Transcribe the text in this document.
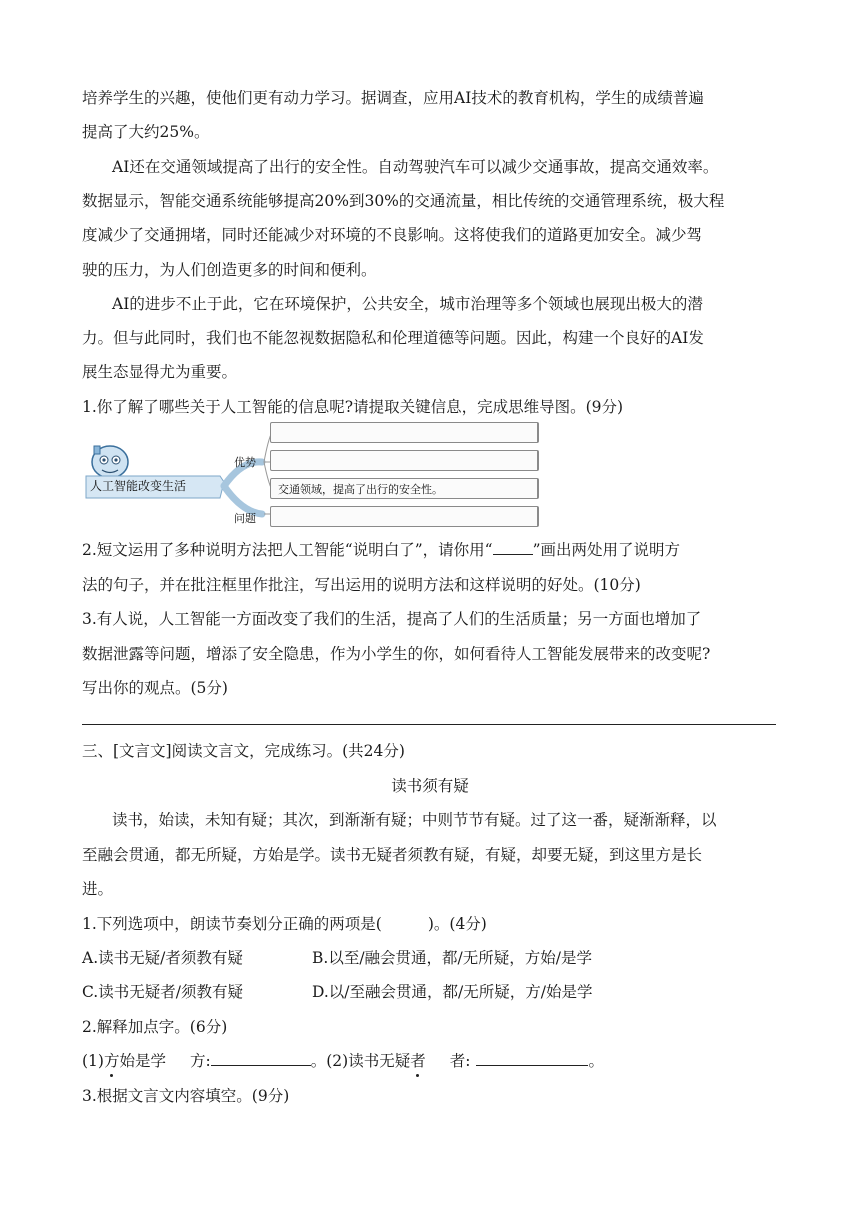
培养学生的兴趣，使他们更有动力学习。据调查，应用AI技术的教育机构，学生的成绩普遍
提高了大约25%。
AI还在交通领域提高了出行的安全性。自动驾驶汽车可以减少交通事故，提高交通效率。
数据显示，智能交通系统能够提高20%到30%的交通流量，相比传统的交通管理系统，极大程
度减少了交通拥堵，同时还能减少对环境的不良影响。这将使我们的道路更加安全。减少驾
驶的压力，为人们创造更多的时间和便利。
AI的进步不止于此，它在环境保护，公共安全，城市治理等多个领域也展现出极大的潜
力。但与此同时，我们也不能忽视数据隐私和伦理道德等问题。因此，构建一个良好的AI发
展生态显得尤为重要。
1.你了解了哪些关于人工智能的信息呢?请提取关键信息，完成思维导图。(9分)
人工智能改变生活
优势
问题
交通领域，提高了出行的安全性。
2.短文运用了多种说明方法把人工智能“说明白了”，请你用“	”画出两处用了说明方
法的句子，并在批注框里作批注，写出运用的说明方法和这样说明的好处。(10分)
3.有人说，人工智能一方面改变了我们的生活，提高了人们的生活质量；另一方面也增加了
数据泄露等问题，增添了安全隐患，作为小学生的你，如何看待人工智能发展带来的改变呢?
写出你的观点。(5分)
三、[文言文]阅读文言文，完成练习。(共24分)
读书须有疑
读书，始读，未知有疑；其次，到渐渐有疑；中则节节有疑。过了这一番，疑渐渐释，以
至融会贯通，都无所疑，方始是学。读书无疑者须教有疑，有疑，却要无疑，到这里方是长
进。
1.下列选项中，朗读节奏划分正确的两项是(	)。(4分)
A.读书无疑/者须教有疑	B.以至/融会贯通，都/无所疑，方始/是学
C.读书无疑者/须教有疑	D.以/至融会贯通，都/无所疑，方/始是学
2.解释加点字。(6分)
(1)方始是学 方:	。(2)读书无疑者 者:	。
3.根据文言文内容填空。(9分)
